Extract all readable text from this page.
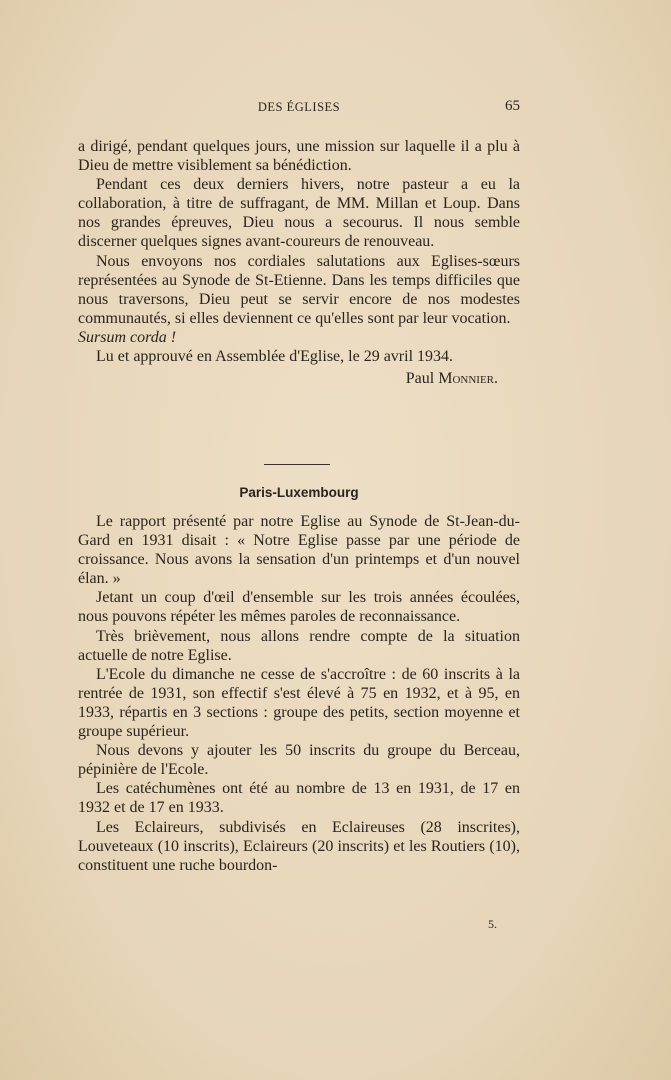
DES ÉGLISES	65

a dirigé, pendant quelques jours, une mission sur laquelle il a plu à Dieu de mettre visiblement sa bénédiction.

Pendant ces deux derniers hivers, notre pasteur a eu la collaboration, à titre de suffragant, de MM. Millan et Loup. Dans nos grandes épreuves, Dieu nous a secourus. Il nous semble discerner quelques signes avant-coureurs de renouveau.

Nous envoyons nos cordiales salutations aux Eglises-sœurs représentées au Synode de St-Etienne. Dans les temps difficiles que nous traversons, Dieu peut se servir encore de nos modestes communautés, si elles deviennent ce qu'elles sont par leur vocation.
Sursum corda !

Lu et approuvé en Assemblée d'Eglise, le 29 avril 1934.

Paul Monnier.
Paris-Luxembourg

Le rapport présenté par notre Eglise au Synode de St-Jean-du-Gard en 1931 disait : « Notre Eglise passe par une période de croissance. Nous avons la sensation d'un printemps et d'un nouvel élan. »

Jetant un coup d'œil d'ensemble sur les trois années écoulées, nous pouvons répéter les mêmes paroles de reconnaissance.

Très brièvement, nous allons rendre compte de la situation actuelle de notre Eglise.

L'Ecole du dimanche ne cesse de s'accroître : de 60 inscrits à la rentrée de 1931, son effectif s'est élevé à 75 en 1932, et à 95, en 1933, répartis en 3 sections : groupe des petits, section moyenne et groupe supérieur.

Nous devons y ajouter les 50 inscrits du groupe du Berceau, pépinière de l'Ecole.

Les catéchumènes ont été au nombre de 13 en 1931, de 17 en 1932 et de 17 en 1933.

Les Eclaireurs, subdivisés en Eclaireuses (28 inscrites), Louveteaux (10 inscrits), Eclaireurs (20 inscrits) et les Routiers (10), constituent une ruche bourdon-

5.
